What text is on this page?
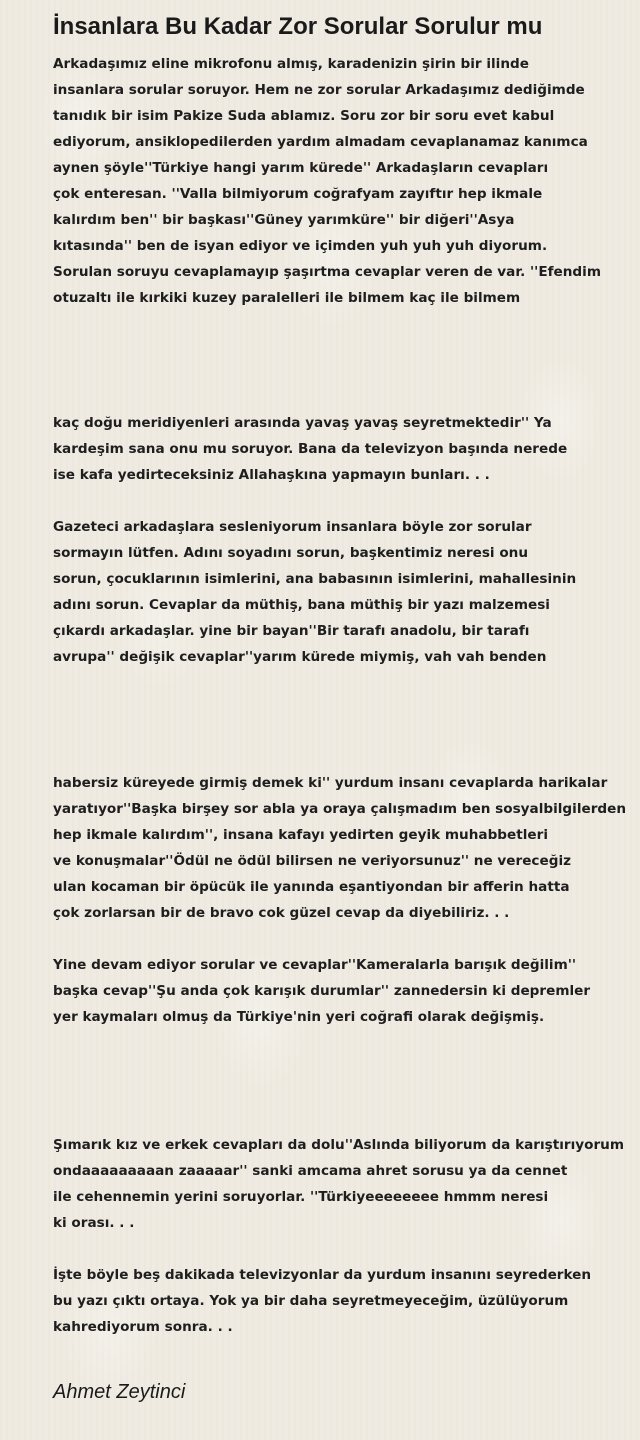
İnsanlara Bu Kadar Zor Sorular Sorulur mu

Arkadaşımız eline mikrofonu almış, karadenizin şirin bir ilinde
insanlara sorular soruyor. Hem ne zor sorular Arkadaşımız dediğimde
tanıdık bir isim Pakize Suda ablamız. Soru zor bir soru evet kabul
ediyorum, ansiklopedilerden yardım almadam cevaplanamaz kanımca
aynen şöyle''Türkiye hangi yarım kürede'' Arkadaşların cevapları
çok enteresan. ''Valla bilmiyorum coğrafyam zayıftır hep ikmale
kalırdım ben'' bir başkası''Güney yarımküre'' bir diğeri''Asya
kıtasında'' ben de isyan ediyor ve içimden yuh yuh yuh diyorum.
Sorulan soruyu cevaplamayıp şaşırtma cevaplar veren de var. ''Efendim
otuzaltı ile kırkiki kuzey paralelleri ile bilmem kaç ile bilmem

kaç doğu meridiyenleri arasında yavaş yavaş seyretmektedir'' Ya
kardeşim sana onu mu soruyor. Bana da televizyon başında nerede
ise kafa yedirteceksiniz Allahaşkına yapmayın bunları. . .

Gazeteci arkadaşlara sesleniyorum insanlara böyle zor sorular
sormayın lütfen. Adını soyadını sorun, başkentimiz neresi onu
sorun, çocuklarının isimlerini, ana babasının isimlerini, mahallesinin
adını sorun. Cevaplar da müthiş, bana müthiş bir yazı malzemesi
çıkardı arkadaşlar. yine bir bayan''Bir tarafı anadolu, bir tarafı
avrupa'' değişik cevaplar''yarım kürede miymiş, vah vah benden

habersiz küreyede girmiş demek ki'' yurdum insanı cevaplarda harikalar
yaratıyor''Başka birşey sor abla ya oraya çalışmadım ben sosyalbilgilerden
hep ikmale kalırdım'', insana kafayı yedirten geyik muhabbetleri
ve konuşmalar''Ödül ne ödül bilirsen ne veriyorsunuz'' ne vereceğiz
ulan kocaman bir öpücük ile yanında eşantiyondan bir afferin hatta
çok zorlarsan bir de bravo cok güzel cevap da diyebiliriz. . .

Yine devam ediyor sorular ve cevaplar''Kameralarla barışık değilim''
başka cevap''Şu anda çok karışık durumlar'' zannedersin ki depremler
yer kaymaları olmuş da Türkiye'nin yeri coğrafi olarak değişmiş.

Şımarık kız ve erkek cevapları da dolu''Aslında biliyorum da karıştırıyorum
ondaaaaaaaaan zaaaaar'' sanki amcama ahret sorusu ya da cennet
ile cehennemin yerini soruyorlar. ''Türkiyeeeeeeee hmmm neresi
ki orası. . .

İşte böyle beş dakikada televizyonlar da yurdum insanını seyrederken
bu yazı çıktı ortaya. Yok ya bir daha seyretmeyeceğim, üzülüyorum
kahrediyorum sonra. . .

Ahmet Zeytinci
